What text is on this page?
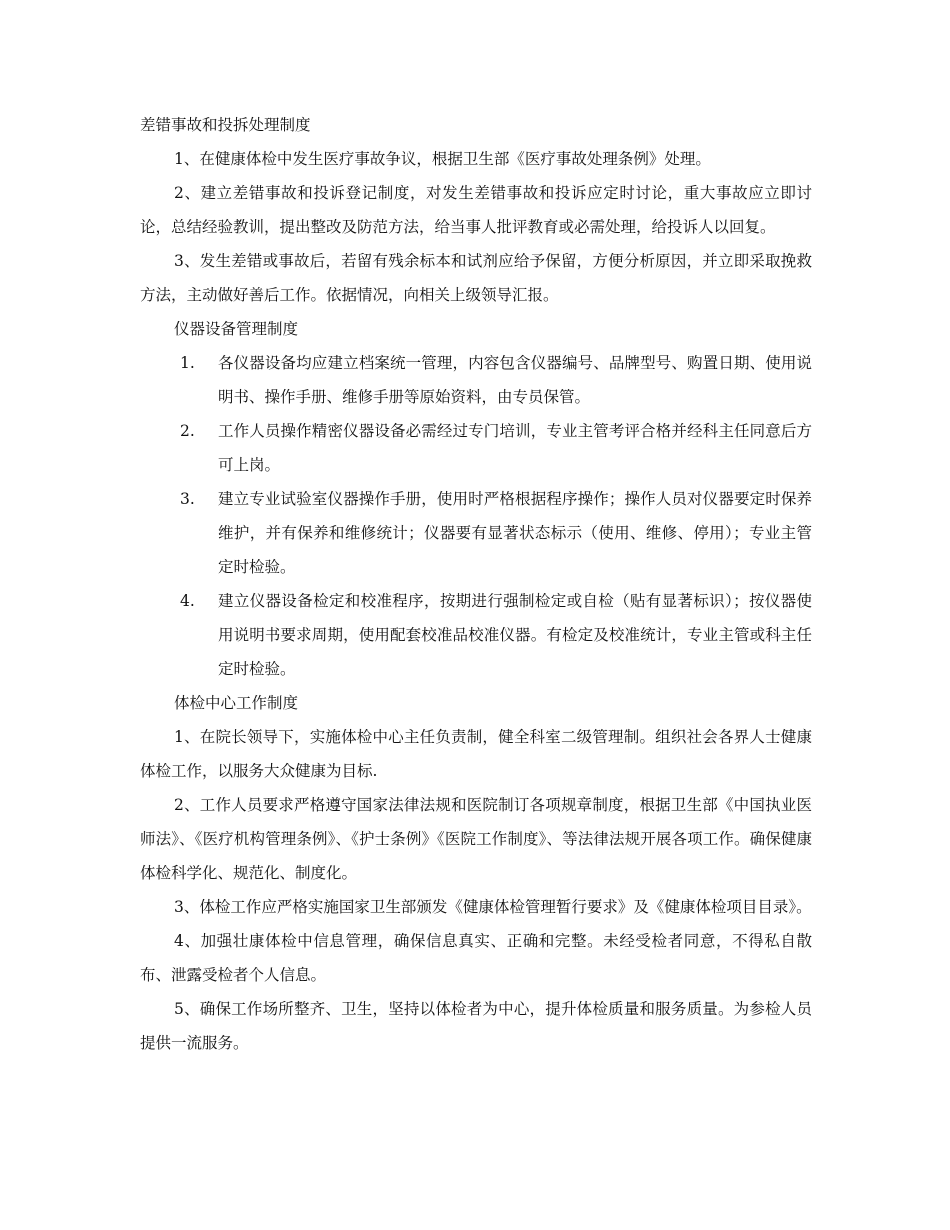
差错事故和投拆处理制度

1、在健康体检中发生医疗事故争议，根据卫生部《医疗事故处理条例》处理。

2、建立差错事故和投诉登记制度，对发生差错事故和投诉应定时讨论，重大事故应立即讨论，总结经验教训，提出整改及防范方法，给当事人批评教育或必需处理，给投诉人以回复。

3、发生差错或事故后，若留有残余标本和试剂应给予保留，方便分析原因，并立即采取挽救方法，主动做好善后工作。依据情况，向相关上级领导汇报。

仪器设备管理制度

1. 各仪器设备均应建立档案统一管理，内容包含仪器编号、品牌型号、购置日期、使用说明书、操作手册、维修手册等原始资料，由专员保管。
2. 工作人员操作精密仪器设备必需经过专门培训，专业主管考评合格并经科主任同意后方可上岗。
3. 建立专业试验室仪器操作手册，使用时严格根据程序操作；操作人员对仪器要定时保养维护，并有保养和维修统计；仪器要有显著状态标示（使用、维修、停用）；专业主管定时检验。
4. 建立仪器设备检定和校准程序，按期进行强制检定或自检（贴有显著标识）；按仪器使用说明书要求周期，使用配套校准品校准仪器。有检定及校准统计，专业主管或科主任定时检验。

体检中心工作制度

1、在院长领导下，实施体检中心主任负责制，健全科室二级管理制。组织社会各界人士健康体检工作，以服务大众健康为目标.

2、工作人员要求严格遵守国家法律法规和医院制订各项规章制度，根据卫生部《中国执业医师法》、《医疗机构管理条例》、《护士条例》《医院工作制度》、等法律法规开展各项工作。确保健康体检科学化、规范化、制度化。

3、体检工作应严格实施国家卫生部颁发《健康体检管理暂行要求》及《健康体检项目目录》。

4、加强壮康体检中信息管理，确保信息真实、正确和完整。未经受检者同意，不得私自散布、泄露受检者个人信息。

5、确保工作场所整齐、卫生，坚持以体检者为中心，提升体检质量和服务质量。为参检人员提供一流服务。
